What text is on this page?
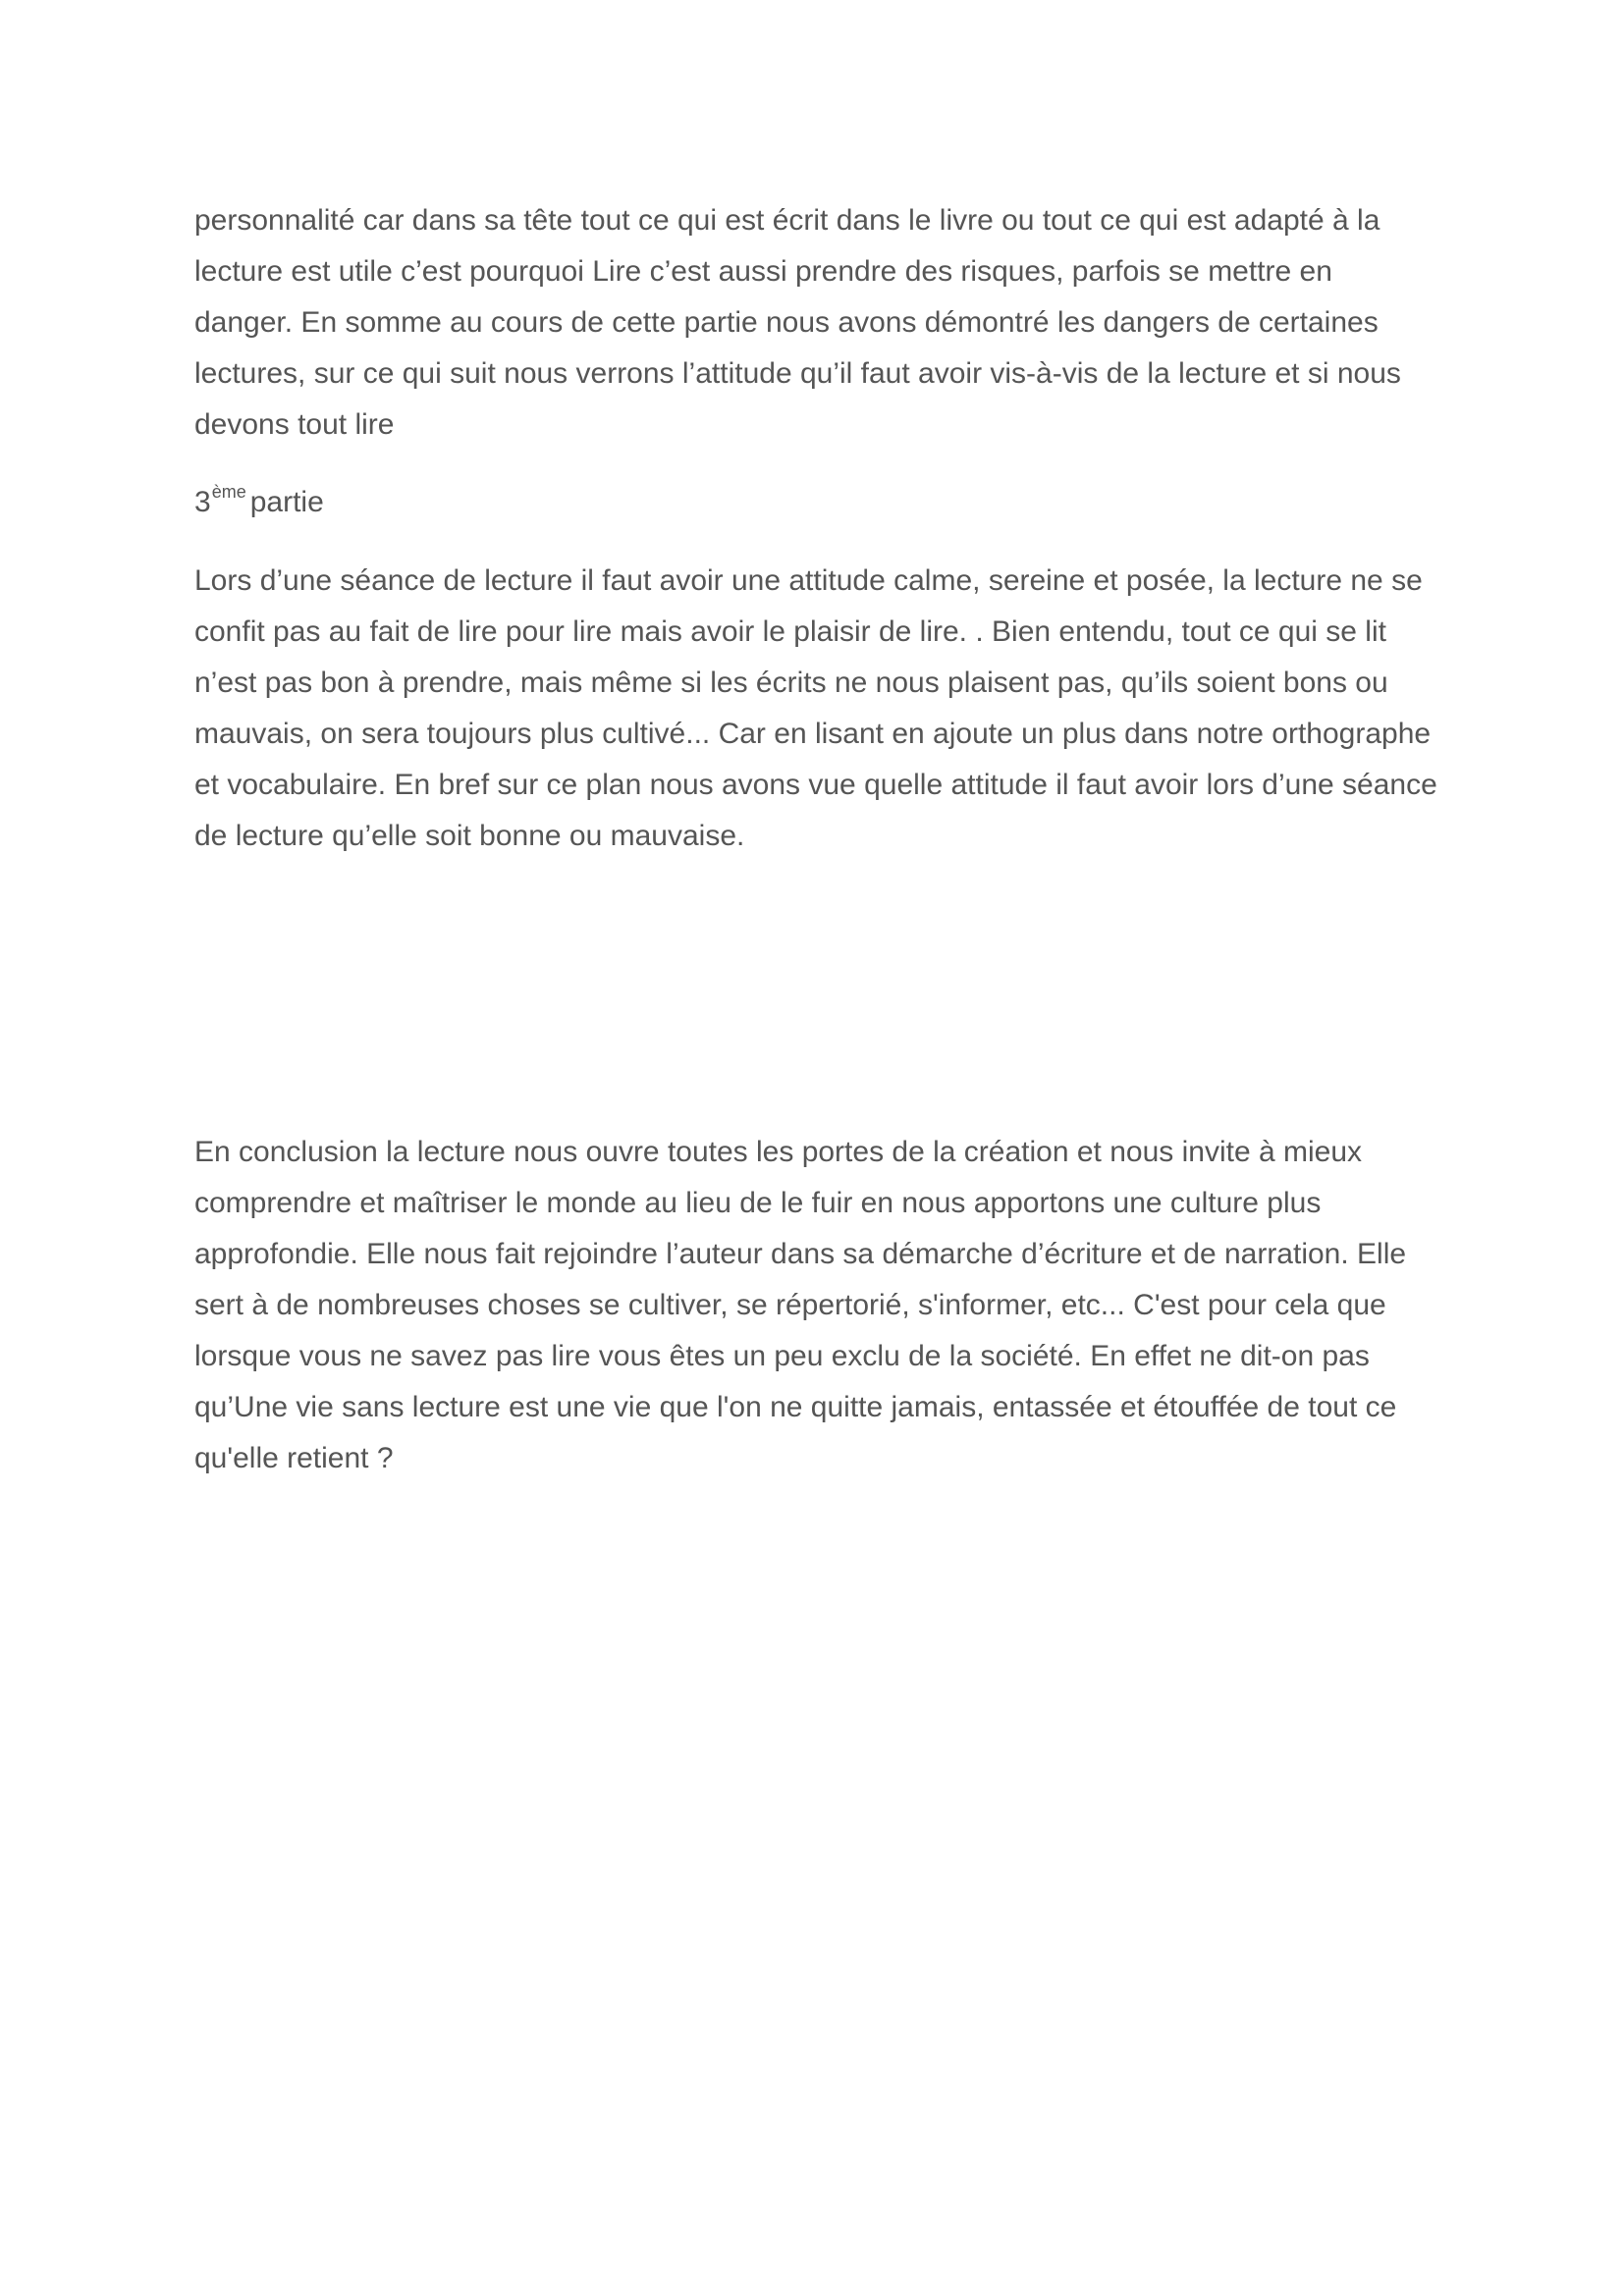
personnalité car dans sa tête tout ce qui est écrit dans le livre ou tout ce qui est adapté à la
lecture est utile c’est pourquoi Lire c’est aussi prendre des risques, parfois se mettre en
danger. En somme au cours de cette partie nous avons démontré les dangers de certaines
lectures, sur ce qui suit nous verrons l’attitude qu’il faut avoir vis-à-vis de la lecture et si nous
devons tout lire

3ème partie

Lors d’une séance de lecture il faut avoir une attitude calme, sereine et posée, la lecture ne se
confit pas au fait de lire pour lire mais avoir le plaisir de lire. . Bien entendu, tout ce qui se lit
n’est pas bon à prendre, mais même si les écrits ne nous plaisent pas, qu’ils soient bons ou
mauvais, on sera toujours plus cultivé... Car en lisant en ajoute un plus dans notre orthographe
et vocabulaire. En bref sur ce plan nous avons vue quelle attitude il faut avoir lors d’une séance
de lecture qu’elle soit bonne ou mauvaise.

En conclusion la lecture nous ouvre toutes les portes de la création et nous invite à mieux
comprendre et maîtriser le monde au lieu de le fuir en nous apportons une culture plus
approfondie. Elle nous fait rejoindre l’auteur dans sa démarche d’écriture et de narration. Elle
sert à de nombreuses choses se cultiver, se répertorié, s'informer, etc... C'est pour cela que
lorsque vous ne savez pas lire vous êtes un peu exclu de la société. En effet ne dit-on pas
qu’Une vie sans lecture est une vie que l'on ne quitte jamais, entassée et étouffée de tout ce
qu'elle retient ?
